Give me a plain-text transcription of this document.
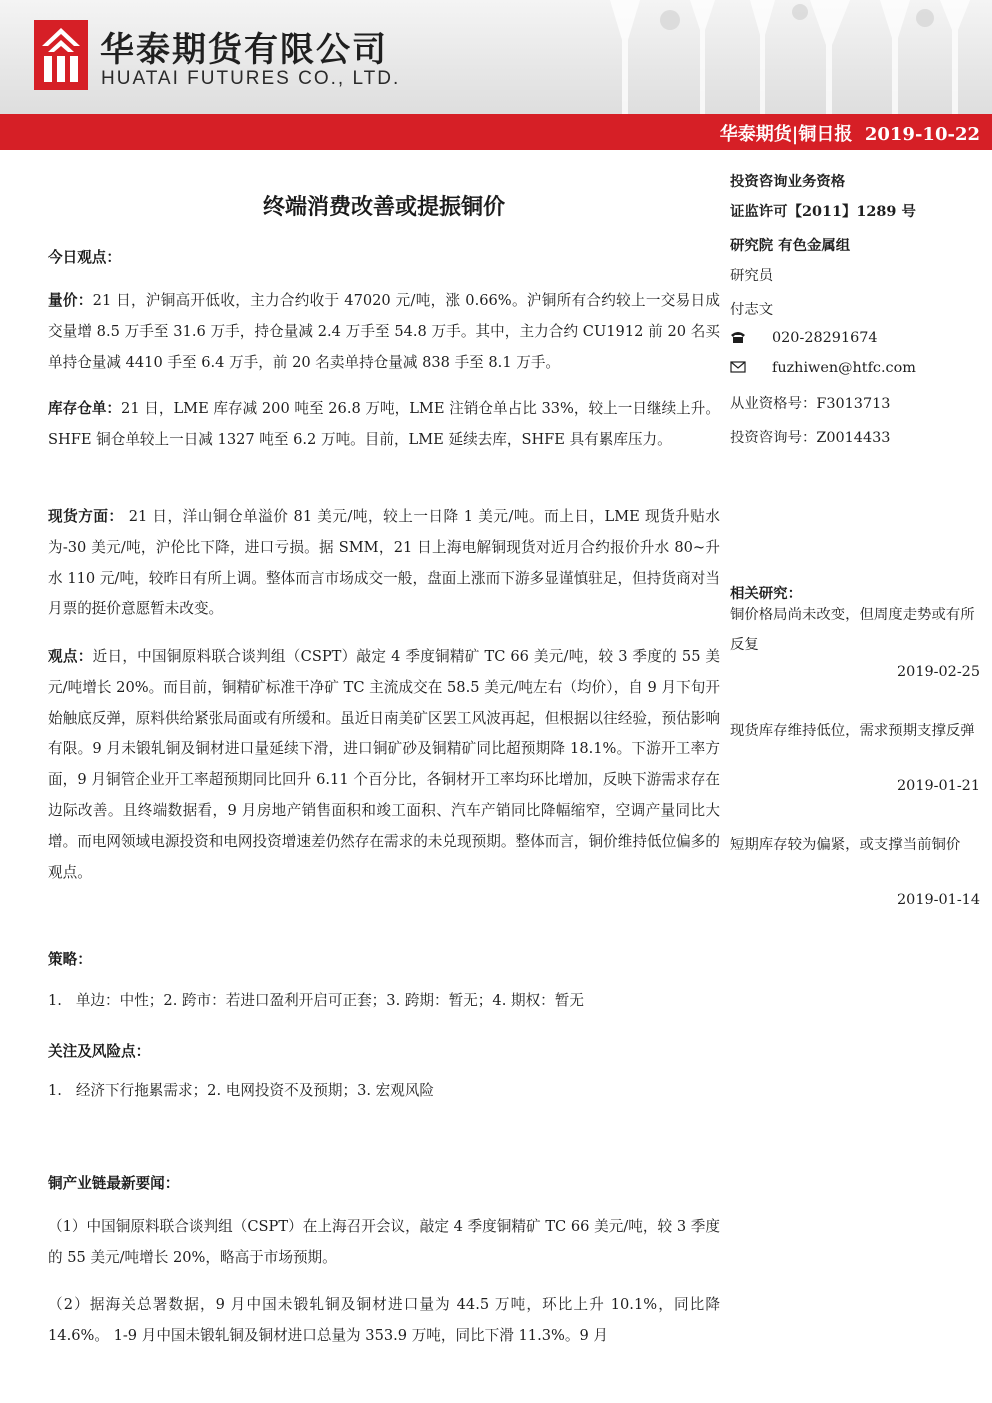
华泰期货有限公司
HUATAI FUTURES CO., LTD.
华泰期货|铜日报  2019-10-22
终端消费改善或提振铜价
今日观点：
量价：21 日，沪铜高开低收，主力合约收于 47020 元/吨，涨 0.66%。沪铜所有合约较上一交易日成交量增 8.5 万手至 31.6 万手，持仓量减 2.4 万手至 54.8 万手。其中，主力合约 CU1912 前 20 名买单持仓量减 4410 手至 6.4 万手，前 20 名卖单持仓量减 838 手至 8.1 万手。
库存仓单：21 日，LME 库存减 200 吨至 26.8 万吨，LME 注销仓单占比 33%，较上一日继续上升。SHFE 铜仓单较上一日减 1327 吨至 6.2 万吨。目前，LME 延续去库，SHFE 具有累库压力。
现货方面： 21 日，洋山铜仓单溢价 81 美元/吨，较上一日降 1 美元/吨。而上日，LME 现货升贴水为-30 美元/吨，沪伦比下降，进口亏损。据 SMM，21 日上海电解铜现货对近月合约报价升水 80~升水 110 元/吨，较昨日有所上调。整体而言市场成交一般，盘面上涨而下游多显谨慎驻足，但持货商对当月票的挺价意愿暂未改变。
观点：近日，中国铜原料联合谈判组（CSPT）敲定 4 季度铜精矿 TC 66 美元/吨，较 3 季度的 55 美元/吨增长 20%。而目前，铜精矿标准干净矿 TC 主流成交在 58.5 美元/吨左右（均价），自 9 月下旬开始触底反弹，原料供给紧张局面或有所缓和。虽近日南美矿区罢工风波再起，但根据以往经验，预估影响有限。9 月未锻轧铜及铜材进口量延续下滑，进口铜矿砂及铜精矿同比超预期降 18.1%。下游开工率方面，9 月铜管企业开工率超预期同比回升 6.11 个百分比，各铜材开工率均环比增加，反映下游需求存在边际改善。且终端数据看，9 月房地产销售面积和竣工面积、汽车产销同比降幅缩窄，空调产量同比大增。而电网领域电源投资和电网投资增速差仍然存在需求的未兑现预期。整体而言，铜价维持低位偏多的观点。
策略：
1.   单边：中性；2. 跨市：若进口盈利开启可正套；3. 跨期：暂无；4. 期权：暂无
关注及风险点：
1.   经济下行拖累需求；2. 电网投资不及预期；3. 宏观风险
铜产业链最新要闻：
（1）中国铜原料联合谈判组（CSPT）在上海召开会议，敲定 4 季度铜精矿 TC 66 美元/吨，较 3 季度的 55 美元/吨增长 20%，略高于市场预期。
（2）据海关总署数据，9 月中国未锻轧铜及铜材进口量为 44.5 万吨，环比上升 10.1%，同比降 14.6%。 1-9 月中国未锻轧铜及铜材进口总量为 353.9 万吨，同比下滑 11.3%。9 月
投资咨询业务资格
证监许可【2011】1289 号
研究院 有色金属组
研究员
付志文
020-28291674
fuzhiwen@htfc.com
从业资格号：F3013713
投资咨询号：Z0014433
相关研究：
铜价格局尚未改变，但周度走势或有所反复
2019-02-25
现货库存维持低位，需求预期支撑反弹
2019-01-21
短期库存较为偏紧，或支撑当前铜价
2019-01-14
